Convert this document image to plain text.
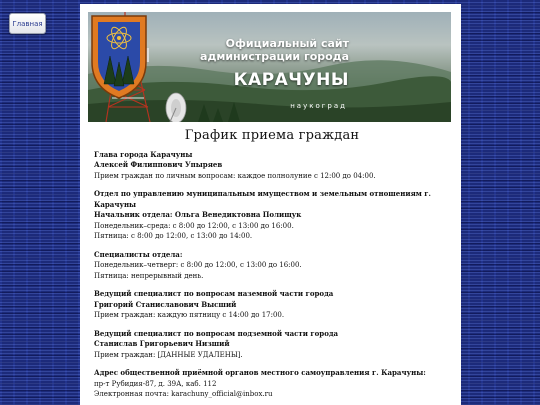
Главная
Официальный сайт
администрации города
КАРАЧУНЫ
наукоград
График приема граждан

Глава города Карачуны

Алексей Филиппович Упыряев

Прием граждан по личным вопросам: каждое полнолуние с 12:00 до 04:00.

Отдел по управлению муниципальным имуществом и земельным отношениям г. Карачуны

Начальник отдела: Ольга Венедиктовна Полищук

Понедельник–среда: с 8:00 до 12:00, с 13:00 до 16:00.

Пятница: с 8:00 до 12:00, с 13:00 до 14:00.

Специалисты отдела:

Понедельник–четверг: с 8:00 до 12:00, с 13:00 до 16:00.

Пятница: непрерывный день.

Ведущий специалист по вопросам наземной части города

Григорий Станиславович Высший

Прием граждан: каждую пятницу с 14:00 до 17:00.

Ведущий специалист по вопросам подземной части города

Станислав Григорьевич Низший

Прием граждан: [ДАННЫЕ УДАЛЕНЫ].

Адрес общественной приёмной органов местного самоуправления г. Карачуны:

пр-т Рубидия-87, д. 39А, каб. 112

Электронная почта: karachuny_official@inbox.ru
